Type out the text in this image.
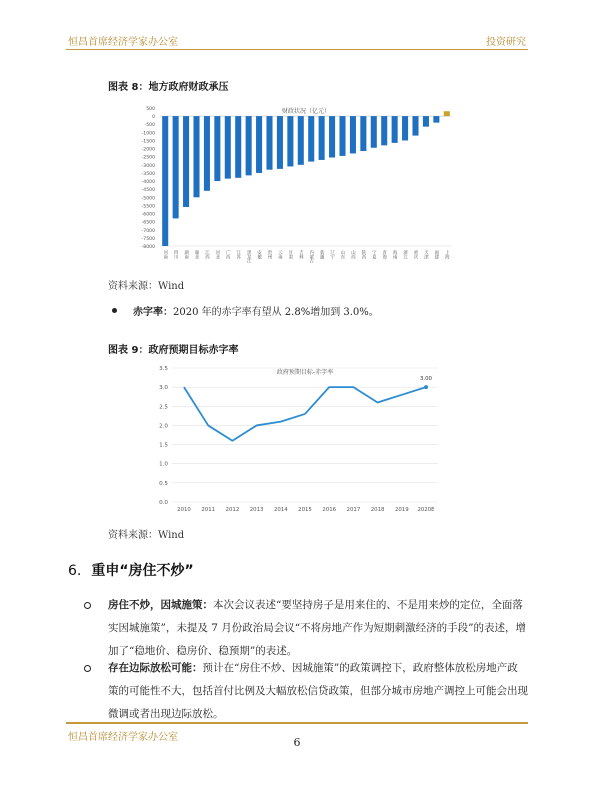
恒昌首席经济学家办公室	投资研究
图表 8：地方政府财政承压
500
0
-500
-1000
-1500
-2000
-2500
-3000
-3500
-4000
-4500
-5000
-5500
-6000
-6500
-7000
-7500
-8000
财政状况（亿元）
河南 四川 湖南 湖北 江西 河北 广西 江苏 黑龙江 安徽 贵州 云南 甘肃 吉林 内蒙古 新疆 辽宁 山东 山西 陕西 宁夏 青海 海南 浙江 重庆 天津 福建 上海
资料来源：Wind
赤字率：2020 年的赤字率有望从 2.8%增加到 3.0%。
图表 9：政府预期目标赤字率
0.0
0.5
1.0
1.5
2.0
2.5
3.0
3.5	政府预期目标-赤字率
2010 2011 2012 2013 2014 2015 2016 2017 2018 2019 2020E
3.00
资料来源：Wind
6. 重申“房住不炒”
房住不炒，因城施策：本次会议表述“要坚持房子是用来住的、不是用来炒的定位，全面落实因城施策”，未提及 7 月份政治局会议“不将房地产作为短期刺激经济的手段”的表述，增加了“稳地价、稳房价、稳预期”的表述。
存在边际放松可能：预计在“房住不炒、因城施策”的政策调控下，政府整体放松房地产政策的可能性不大，包括首付比例及大幅放松信贷政策，但部分城市房地产调控上可能会出现微调或者出现边际放松。
恒昌首席经济学家办公室	6
